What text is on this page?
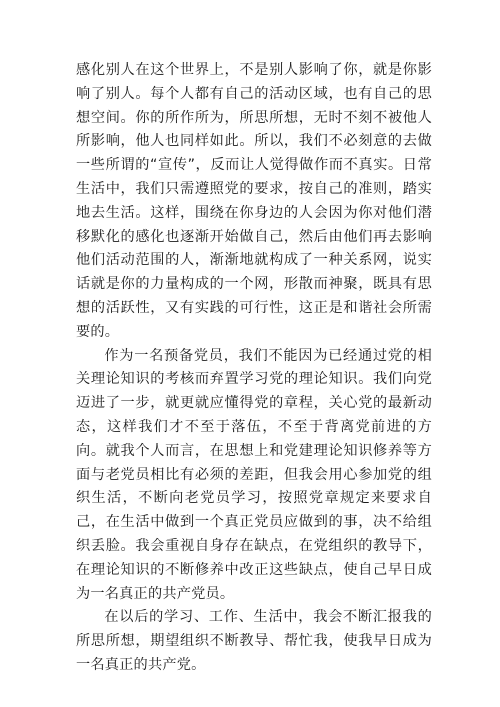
感化别人在这个世界上，不是别人影响了你，就是你影响了别人。每个人都有自己的活动区域，也有自己的思想空间。你的所作所为，所思所想，无时不刻不被他人所影响，他人也同样如此。所以，我们不必刻意的去做一些所谓的“宣传”，反而让人觉得做作而不真实。日常生活中，我们只需遵照党的要求，按自己的准则，踏实地去生活。这样，围绕在你身边的人会因为你对他们潜移默化的感化也逐渐开始做自己，然后由他们再去影响他们活动范围的人，渐渐地就构成了一种关系网，说实话就是你的力量构成的一个网，形散而神聚，既具有思想的活跃性，又有实践的可行性，这正是和谐社会所需要的。

作为一名预备党员，我们不能因为已经通过党的相关理论知识的考核而弃置学习党的理论知识。我们向党迈进了一步，就更就应懂得党的章程，关心党的最新动态，这样我们才不至于落伍，不至于背离党前进的方向。就我个人而言，在思想上和党建理论知识修养等方面与老党员相比有必须的差距，但我会用心参加党的组织生活，不断向老党员学习，按照党章规定来要求自己，在生活中做到一个真正党员应做到的事，决不给组织丢脸。我会重视自身存在缺点，在党组织的教导下，在理论知识的不断修养中改正这些缺点，使自己早日成为一名真正的共产党员。

在以后的学习、工作、生活中，我会不断汇报我的所思所想，期望组织不断教导、帮忙我，使我早日成为一名真正的共产党。
